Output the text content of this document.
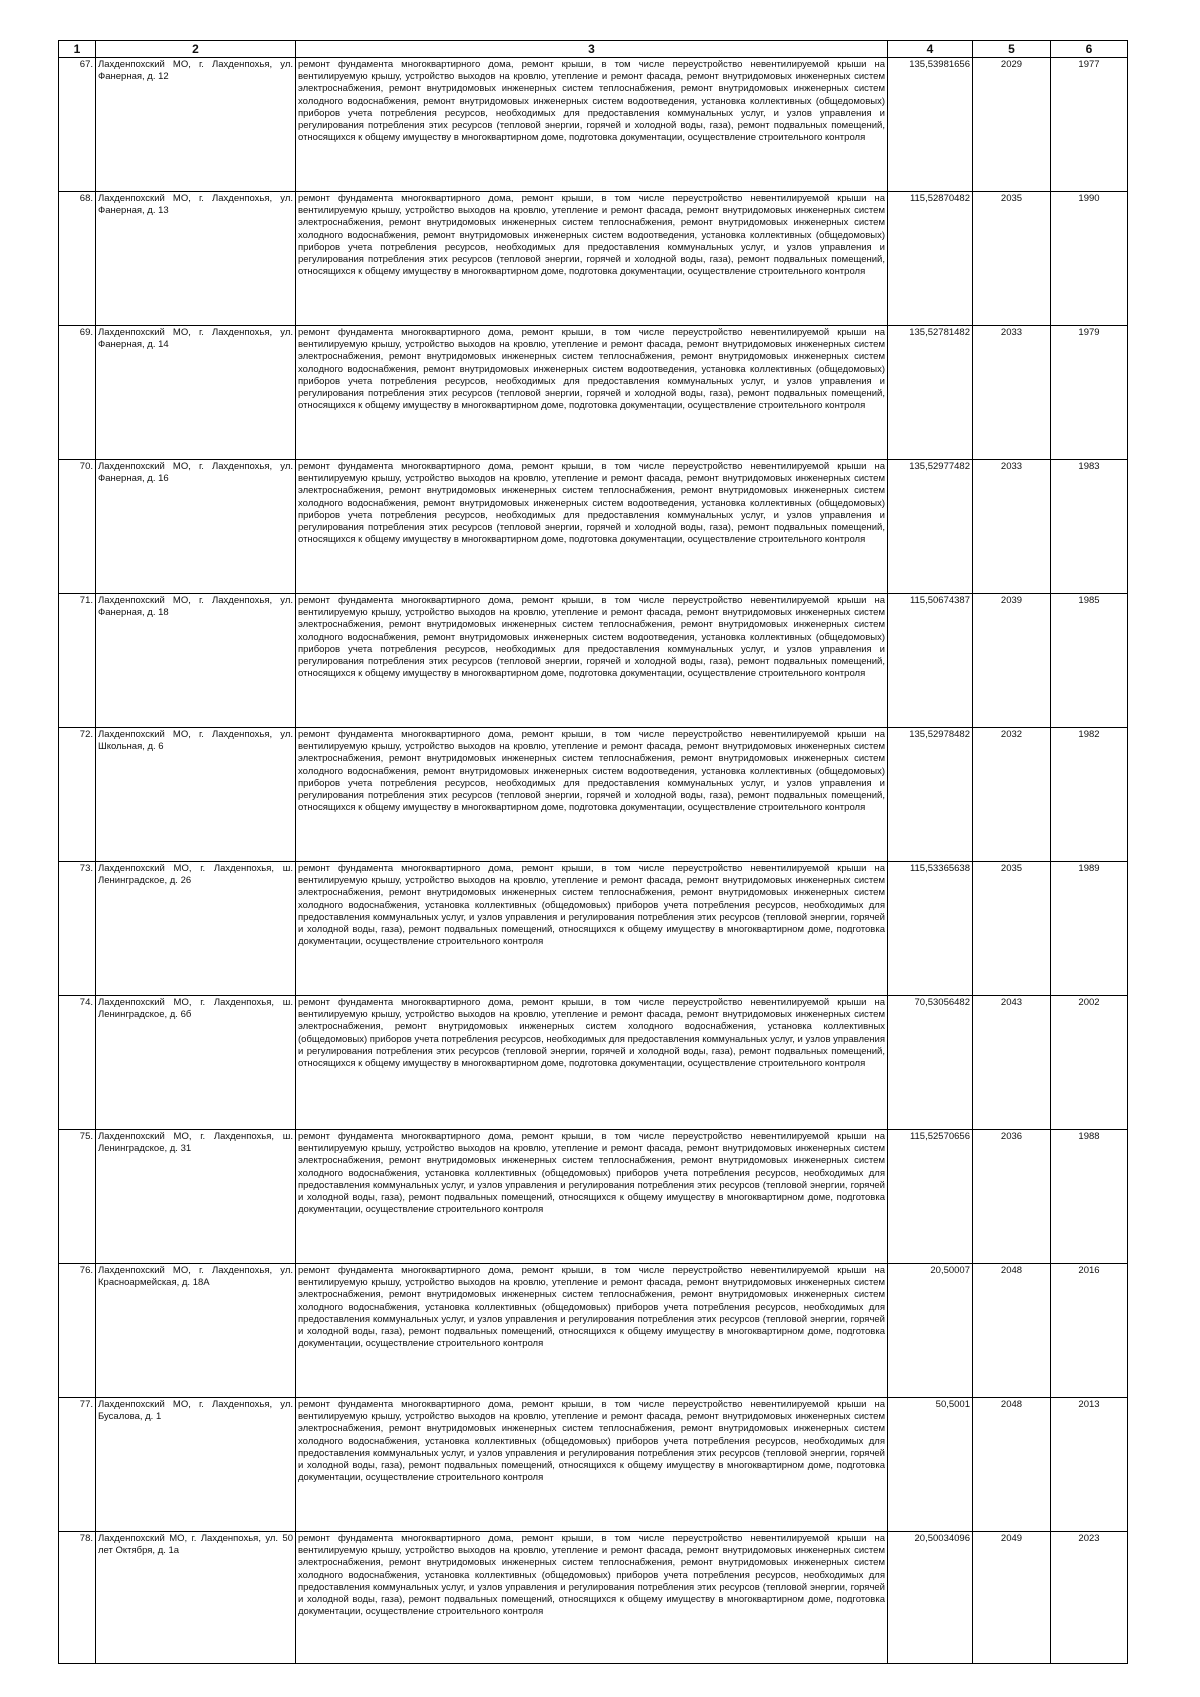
1	2	3	4	5	6
67.	Лахденпохский МО, г. Лахденпохья, ул. Фанерная, д. 12	ремонт фундамента многоквартирного дома, ремонт крыши, в том числе переустройство невентилируемой крыши на вентилируемую крышу, устройство выходов на кровлю, утепление и ремонт фасада, ремонт внутридомовых инженерных систем электроснабжения, ремонт внутридомовых инженерных систем теплоснабжения, ремонт внутридомовых инженерных систем холодного водоснабжения, ремонт внутридомовых инженерных систем водоотведения, установка коллективных (общедомовых) приборов учета потребления ресурсов, необходимых для предоставления коммунальных услуг, и узлов управления и регулирования потребления этих ресурсов (тепловой энергии, горячей и холодной воды, газа), ремонт подвальных помещений, относящихся к общему имуществу в многоквартирном доме, подготовка документации, осуществление строительного контроля	135,53981656	2029	1977
68.	Лахденпохский МО, г. Лахденпохья, ул. Фанерная, д. 13	ремонт фундамента многоквартирного дома, ремонт крыши, в том числе переустройство невентилируемой крыши на вентилируемую крышу, устройство выходов на кровлю, утепление и ремонт фасада, ремонт внутридомовых инженерных систем электроснабжения, ремонт внутридомовых инженерных систем теплоснабжения, ремонт внутридомовых инженерных систем холодного водоснабжения, ремонт внутридомовых инженерных систем водоотведения, установка коллективных (общедомовых) приборов учета потребления ресурсов, необходимых для предоставления коммунальных услуг, и узлов управления и регулирования потребления этих ресурсов (тепловой энергии, горячей и холодной воды, газа), ремонт подвальных помещений, относящихся к общему имуществу в многоквартирном доме, подготовка документации, осуществление строительного контроля	115,52870482	2035	1990
69.	Лахденпохский МО, г. Лахденпохья, ул. Фанерная, д. 14	ремонт фундамента многоквартирного дома, ремонт крыши, в том числе переустройство невентилируемой крыши на вентилируемую крышу, устройство выходов на кровлю, утепление и ремонт фасада, ремонт внутридомовых инженерных систем электроснабжения, ремонт внутридомовых инженерных систем теплоснабжения, ремонт внутридомовых инженерных систем холодного водоснабжения, ремонт внутридомовых инженерных систем водоотведения, установка коллективных (общедомовых) приборов учета потребления ресурсов, необходимых для предоставления коммунальных услуг, и узлов управления и регулирования потребления этих ресурсов (тепловой энергии, горячей и холодной воды, газа), ремонт подвальных помещений, относящихся к общему имуществу в многоквартирном доме, подготовка документации, осуществление строительного контроля	135,52781482	2033	1979
70.	Лахденпохский МО, г. Лахденпохья, ул. Фанерная, д. 16	ремонт фундамента многоквартирного дома, ремонт крыши, в том числе переустройство невентилируемой крыши на вентилируемую крышу, устройство выходов на кровлю, утепление и ремонт фасада, ремонт внутридомовых инженерных систем электроснабжения, ремонт внутридомовых инженерных систем теплоснабжения, ремонт внутридомовых инженерных систем холодного водоснабжения, ремонт внутридомовых инженерных систем водоотведения, установка коллективных (общедомовых) приборов учета потребления ресурсов, необходимых для предоставления коммунальных услуг, и узлов управления и регулирования потребления этих ресурсов (тепловой энергии, горячей и холодной воды, газа), ремонт подвальных помещений, относящихся к общему имуществу в многоквартирном доме, подготовка документации, осуществление строительного контроля	135,52977482	2033	1983
71.	Лахденпохский МО, г. Лахденпохья, ул. Фанерная, д. 18	ремонт фундамента многоквартирного дома, ремонт крыши, в том числе переустройство невентилируемой крыши на вентилируемую крышу, устройство выходов на кровлю, утепление и ремонт фасада, ремонт внутридомовых инженерных систем электроснабжения, ремонт внутридомовых инженерных систем теплоснабжения, ремонт внутридомовых инженерных систем холодного водоснабжения, ремонт внутридомовых инженерных систем водоотведения, установка коллективных (общедомовых) приборов учета потребления ресурсов, необходимых для предоставления коммунальных услуг, и узлов управления и регулирования потребления этих ресурсов (тепловой энергии, горячей и холодной воды, газа), ремонт подвальных помещений, относящихся к общему имуществу в многоквартирном доме, подготовка документации, осуществление строительного контроля	115,50674387	2039	1985
72.	Лахденпохский МО, г. Лахденпохья, ул. Школьная, д. 6	ремонт фундамента многоквартирного дома, ремонт крыши, в том числе переустройство невентилируемой крыши на вентилируемую крышу, устройство выходов на кровлю, утепление и ремонт фасада, ремонт внутридомовых инженерных систем электроснабжения, ремонт внутридомовых инженерных систем теплоснабжения, ремонт внутридомовых инженерных систем холодного водоснабжения, ремонт внутридомовых инженерных систем водоотведения, установка коллективных (общедомовых) приборов учета потребления ресурсов, необходимых для предоставления коммунальных услуг, и узлов управления и регулирования потребления этих ресурсов (тепловой энергии, горячей и холодной воды, газа), ремонт подвальных помещений, относящихся к общему имуществу в многоквартирном доме, подготовка документации, осуществление строительного контроля	135,52978482	2032	1982
73.	Лахденпохский МО, г. Лахденпохья, ш. Ленинградское, д. 26	ремонт фундамента многоквартирного дома, ремонт крыши, в том числе переустройство невентилируемой крыши на вентилируемую крышу, устройство выходов на кровлю, утепление и ремонт фасада, ремонт внутридомовых инженерных систем электроснабжения, ремонт внутридомовых инженерных систем теплоснабжения, ремонт внутридомовых инженерных систем холодного водоснабжения, установка коллективных (общедомовых) приборов учета потребления ресурсов, необходимых для предоставления коммунальных услуг, и узлов управления и регулирования потребления этих ресурсов (тепловой энергии, горячей и холодной воды, газа), ремонт подвальных помещений, относящихся к общему имуществу в многоквартирном доме, подготовка документации, осуществление строительного контроля	115,53365638	2035	1989
74.	Лахденпохский МО, г. Лахденпохья, ш. Ленинградское, д. 6б	ремонт фундамента многоквартирного дома, ремонт крыши, в том числе переустройство невентилируемой крыши на вентилируемую крышу, устройство выходов на кровлю, утепление и ремонт фасада, ремонт внутридомовых инженерных систем электроснабжения, ремонт внутридомовых инженерных систем холодного водоснабжения, установка коллективных (общедомовых) приборов учета потребления ресурсов, необходимых для предоставления коммунальных услуг, и узлов управления и регулирования потребления этих ресурсов (тепловой энергии, горячей и холодной воды, газа), ремонт подвальных помещений, относящихся к общему имуществу в многоквартирном доме, подготовка документации, осуществление строительного контроля	70,53056482	2043	2002
75.	Лахденпохский МО, г. Лахденпохья, ш. Ленинградское, д. 31	ремонт фундамента многоквартирного дома, ремонт крыши, в том числе переустройство невентилируемой крыши на вентилируемую крышу, устройство выходов на кровлю, утепление и ремонт фасада, ремонт внутридомовых инженерных систем электроснабжения, ремонт внутридомовых инженерных систем теплоснабжения, ремонт внутридомовых инженерных систем холодного водоснабжения, установка коллективных (общедомовых) приборов учета потребления ресурсов, необходимых для предоставления коммунальных услуг, и узлов управления и регулирования потребления этих ресурсов (тепловой энергии, горячей и холодной воды, газа), ремонт подвальных помещений, относящихся к общему имуществу в многоквартирном доме, подготовка документации, осуществление строительного контроля	115,52570656	2036	1988
76.	Лахденпохский МО, г. Лахденпохья, ул. Красноармейская, д. 18А	ремонт фундамента многоквартирного дома, ремонт крыши, в том числе переустройство невентилируемой крыши на вентилируемую крышу, устройство выходов на кровлю, утепление и ремонт фасада, ремонт внутридомовых инженерных систем электроснабжения, ремонт внутридомовых инженерных систем теплоснабжения, ремонт внутридомовых инженерных систем холодного водоснабжения, установка коллективных (общедомовых) приборов учета потребления ресурсов, необходимых для предоставления коммунальных услуг, и узлов управления и регулирования потребления этих ресурсов (тепловой энергии, горячей и холодной воды, газа), ремонт подвальных помещений, относящихся к общему имуществу в многоквартирном доме, подготовка документации, осуществление строительного контроля	20,50007	2048	2016
77.	Лахденпохский МО, г. Лахденпохья, ул. Бусалова, д. 1	ремонт фундамента многоквартирного дома, ремонт крыши, в том числе переустройство невентилируемой крыши на вентилируемую крышу, устройство выходов на кровлю, утепление и ремонт фасада, ремонт внутридомовых инженерных систем электроснабжения, ремонт внутридомовых инженерных систем теплоснабжения, ремонт внутридомовых инженерных систем холодного водоснабжения, установка коллективных (общедомовых) приборов учета потребления ресурсов, необходимых для предоставления коммунальных услуг, и узлов управления и регулирования потребления этих ресурсов (тепловой энергии, горячей и холодной воды, газа), ремонт подвальных помещений, относящихся к общему имуществу в многоквартирном доме, подготовка документации, осуществление строительного контроля	50,5001	2048	2013
78.	Лахденпохский МО, г. Лахденпохья, ул. 50 лет Октября, д. 1а	ремонт фундамента многоквартирного дома, ремонт крыши, в том числе переустройство невентилируемой крыши на вентилируемую крышу, устройство выходов на кровлю, утепление и ремонт фасада, ремонт внутридомовых инженерных систем электроснабжения, ремонт внутридомовых инженерных систем теплоснабжения, ремонт внутридомовых инженерных систем холодного водоснабжения, установка коллективных (общедомовых) приборов учета потребления ресурсов, необходимых для предоставления коммунальных услуг, и узлов управления и регулирования потребления этих ресурсов (тепловой энергии, горячей и холодной воды, газа), ремонт подвальных помещений, относящихся к общему имуществу в многоквартирном доме, подготовка документации, осуществление строительного контроля	20,50034096	2049	2023
